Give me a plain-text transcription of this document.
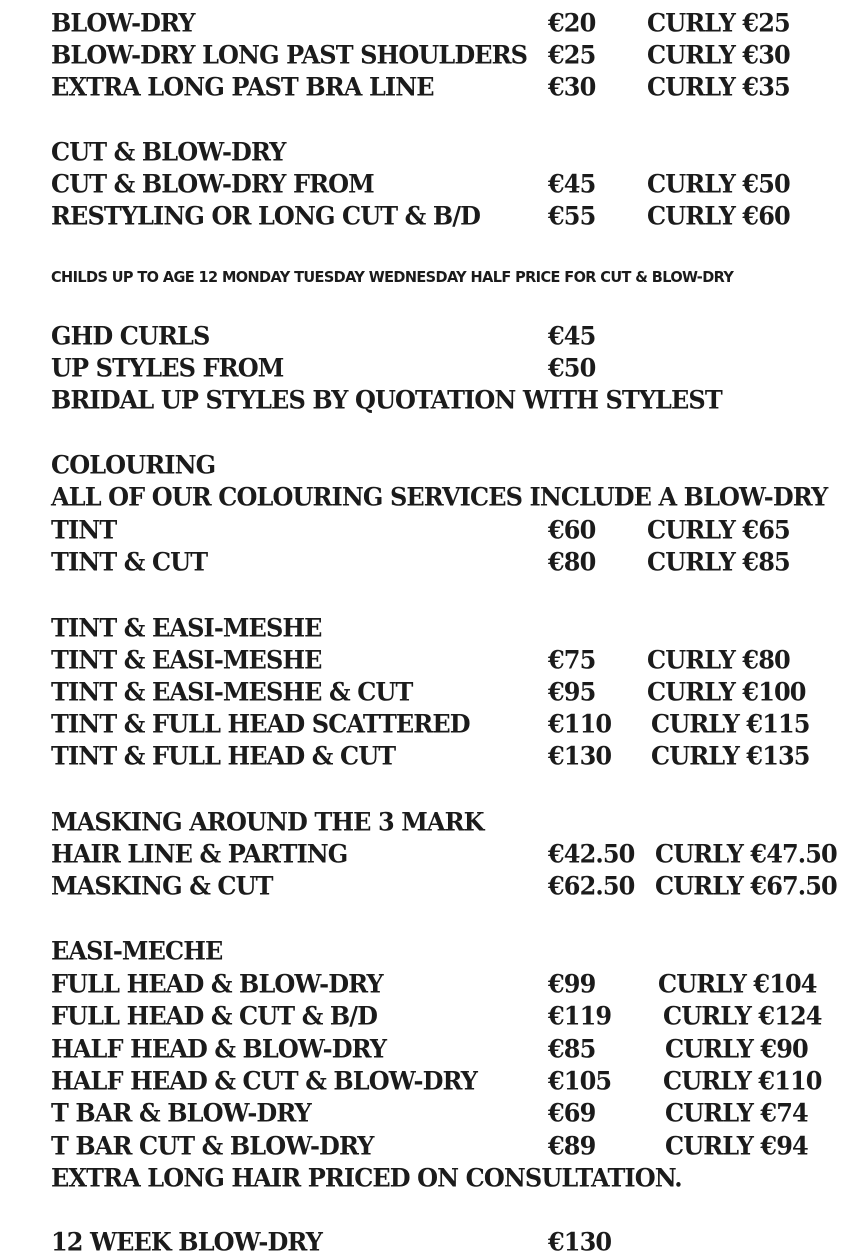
BLOW-DRY	€20 CURLY €25
BLOW-DRY LONG PAST SHOULDERS €25 CURLY €30
EXTRA LONG PAST BRA LINE	€30 CURLY €35
CUT & BLOW-DRY
CUT & BLOW-DRY FROM	€45 CURLY €50
RESTYLING OR LONG CUT & B/D	€55 CURLY €60
CHILDS UP TO AGE 12 MONDAY TUESDAY WEDNESDAY HALF PRICE FOR CUT & BLOW-DRY
GHD CURLS	€45
UP STYLES FROM	€50
BRIDAL UP STYLES BY QUOTATION WITH STYLEST
COLOURING
ALL OF OUR COLOURING SERVICES INCLUDE A BLOW-DRY
TINT	€60 CURLY €65
TINT & CUT	€80 CURLY €85
TINT & EASI-MESHE
TINT & EASI-MESHE	€75 CURLY €80
TINT & EASI-MESHE & CUT	€95 CURLY €100
TINT & FULL HEAD SCATTERED	€110 CURLY €115
TINT & FULL HEAD & CUT	€130 CURLY €135
MASKING AROUND THE 3 MARK
HAIR LINE & PARTING	€42.50 CURLY €47.50
MASKING & CUT	€62.50 CURLY €67.50
EASI-MECHE
FULL HEAD & BLOW-DRY	€99	CURLY €104
FULL HEAD & CUT & B/D	€119 CURLY €124
HALF HEAD & BLOW-DRY	€85	CURLY €90
HALF HEAD & CUT & BLOW-DRY	€105 CURLY €110
T BAR & BLOW-DRY	€69	CURLY €74
T BAR CUT & BLOW-DRY	€89	CURLY €94
EXTRA LONG HAIR PRICED ON CONSULTATION.
12 WEEK BLOW-DRY	€130
